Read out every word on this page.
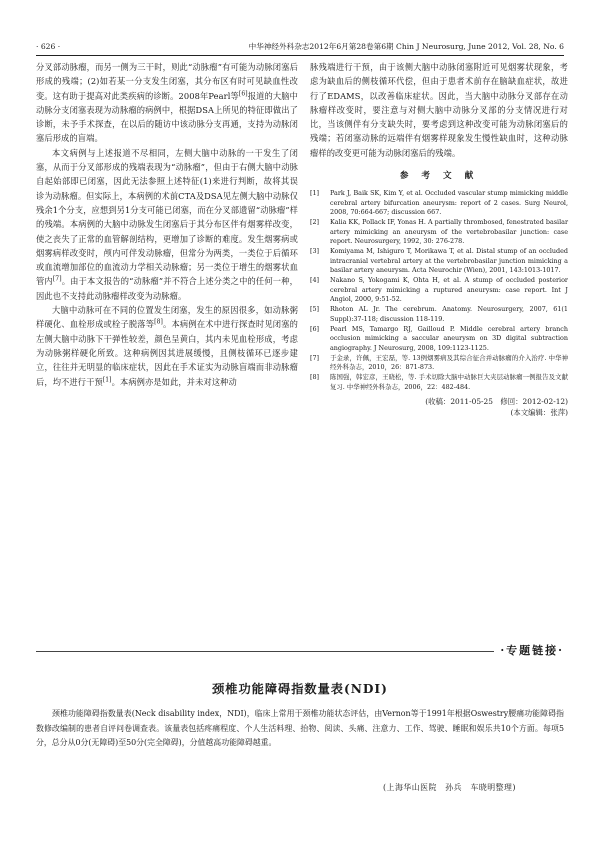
· 626 ·	中华神经外科杂志2012年6月第28卷第6期 Chin J Neurosurg, June 2012, Vol. 28, No. 6

分叉部动脉瘤，而另一侧为三干时，则此“动脉瘤”有可能为动脉闭塞后形成的残端；(2)如若某一分支发生闭塞，其分布区有时可见缺血性改变。这有助于提高对此类疾病的诊断。2008年Pearl等[6]报道的大脑中动脉分支闭塞表现为动脉瘤的病例中，根据DSA上所见的特征即做出了诊断，未予手术探查，在以后的随访中该动脉分支再通，支持为动脉闭塞后形成的盲端。

本文病例与上述报道不尽相同，左侧大脑中动脉的一干发生了闭塞，从而于分叉部形成的残端表现为“动脉瘤”，但由于右侧大脑中动脉自起始部即已闭塞，因此无法参照上述特征(1)来进行判断，故将其误诊为动脉瘤。但实际上，本病例的术前CTA及DSA见左侧大脑中动脉仅残余1个分支，应想到另1分支可能已闭塞，而在分叉部遗留“动脉瘤”样的残端。本病例的大脑中动脉发生闭塞后于其分布区伴有烟雾样改变，使之丧失了正常的血管解剖结构，更增加了诊断的难度。发生烟雾病或烟雾病样改变时，颅内可伴发动脉瘤，但常分为两类，一类位于后循环或血流增加部位的血流动力学相关动脉瘤；另一类位于增生的烟雾状血管内[7]。由于本文报告的“动脉瘤”并不符合上述分类之中的任何一种，因此也不支持此动脉瘤样改变为动脉瘤。

大脑中动脉可在不同的位置发生闭塞，发生的原因很多，如动脉粥样硬化、血栓形成或栓子脱落等[8]。本病例在术中进行探查时见闭塞的左侧大脑中动脉下干弹性较差，颜色呈黄白，其内未见血栓形成，考虑为动脉粥样硬化所致。这种病例因其进展缓慢，且侧枝循环已逐步建立，往往并无明显的临床症状，因此在手术证实为动脉盲端而非动脉瘤后，均不进行干预[1]。本病例亦是如此，并未对这种动

脉残端进行干预，由于该侧大脑中动脉闭塞附近可见烟雾状现象，考虑为缺血后的侧枝循环代偿，但由于患者术前存在脑缺血症状，故进行了EDAMS，以改善临床症状。因此，当大脑中动脉分叉部存在动脉瘤样改变时，要注意与对侧大脑中动脉分叉部的分支情况进行对比，当该侧伴有分支缺失时，要考虑到这种改变可能为动脉闭塞后的残端；若闭塞动脉的远端伴有烟雾样现象发生慢性缺血时，这种动脉瘤样的改变更可能为动脉闭塞后的残端。

参 考 文 献
[1]	Park J, Baik SK, Kim Y, et al. Occluded vascular stump mimicking middle cerebral artery bifurcation aneurysm: report of 2 cases. Surg Neurol, 2008, 70:664-667; discussion 667.
[2]	Kalia KK, Pollack IF, Yonas H. A partially thrombosed, fenestrated basilar artery mimicking an aneurysm of the vertebrobasilar junction: case report. Neurosurgery, 1992, 30: 276-278.
[3]	Komiyama M, Ishiguro T, Morikawa T, et al. Distal stump of an occluded intracranial vertebral artery at the vertebrobasilar junction mimicking a basilar artery aneurysm. Acta Neurochir (Wien), 2001, 143:1013-1017.
[4]	Nakano S, Yokogami K, Ohta H, et al. A stump of occluded posterior cerebral artery mimicking a ruptured aneurysm: case report. Int J Angiol, 2000, 9:51-52.
[5]	Rhoton AL Jr. The cerebrum. Anatomy. Neurosurgery, 2007, 61(1 Suppl):37-118; discussion 118-119.
[6]	Pearl MS, Tamargo RJ, Gailloud P. Middle cerebral artery branch occlusion mimicking a saccular aneurysm on 3D digital subtraction angiography. J Neurosurg, 2008, 109:1123-1125.
[7]	于金录，许佩，王宏磊，等. 13例烟雾病及其综合征合并动脉瘤的介入治疗. 中华神经外科杂志，2010，26：871-873.
[8]	陈国强，韩宏彦，王晓松，等. 手术切除大脑中动脉巨大夹层动脉瘤一例报告及文献复习. 中华神经外科杂志，2006，22：482-484.
(收稿：2011-05-25　修回：2012-02-12)
(本文编辑：张萍)
·专题链接·
颈椎功能障碍指数量表(NDI)
颈椎功能障碍指数量表(Neck disability index，NDI)，临床上常用于颈椎功能状态评估，由Vernon等于1991年根据Oswestry腰痛功能障碍指数修改编制的患者自评问卷调查表。该量表包括疼痛程度、个人生活料理、抬物、阅读、头痛、注意力、工作、驾驶、睡眠和娱乐共10个方面。每项5分，总分从0分(无障碍)至50分(完全障碍)，分值越高功能障碍越重。
(上海华山医院　孙兵　车晓明整理)
